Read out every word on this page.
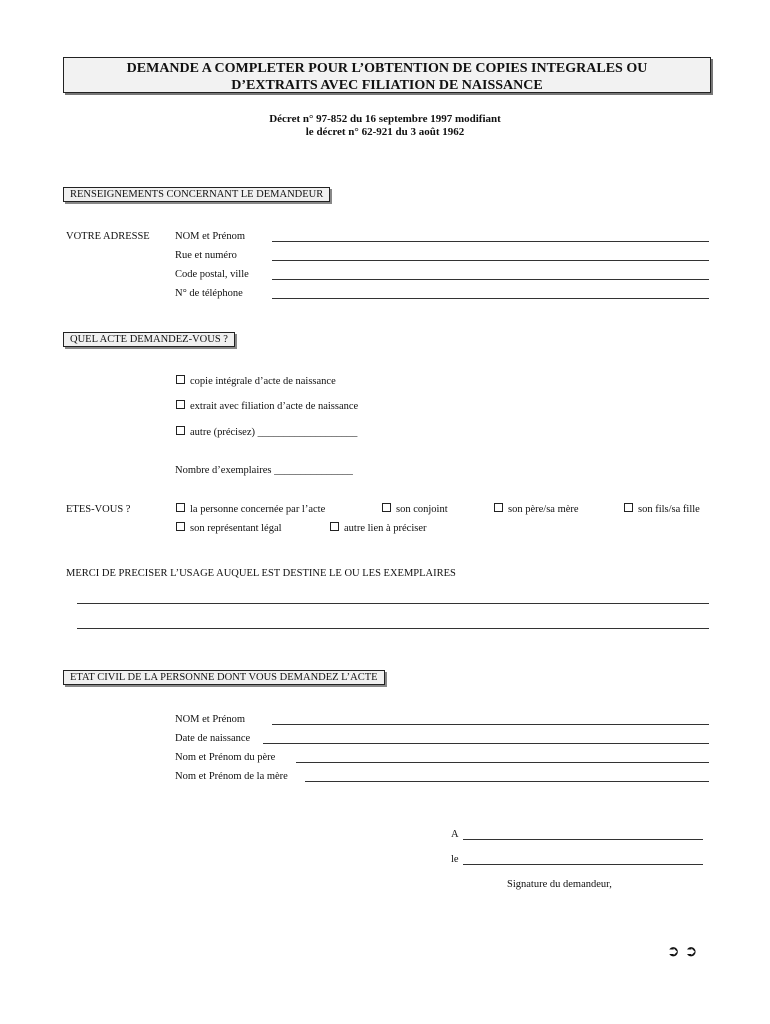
DEMANDE A COMPLETER POUR L’OBTENTION DE COPIES INTEGRALES OU
D’EXTRAITS AVEC FILIATION DE NAISSANCE
Décret n° 97-852 du 16 septembre 1997 modifiant
le décret n° 62-921 du 3 août 1962
RENSEIGNEMENTS CONCERNANT LE DEMANDEUR
VOTRE ADRESSE NOM et Prénom
Rue et numéro
Code postal, ville
N° de téléphone
QUEL ACTE DEMANDEZ-VOUS ?
copie intégrale d’acte de naissance
extrait avec filiation d’acte de naissance
autre (précisez) ___________________
Nombre d’exemplaires _______________
ETES-VOUS ?	la personne concernée par l’acte	son conjoint	son père/sa mère	son fils/sa fille
son représentant légal	autre lien à préciser
MERCI DE PRECISER L’USAGE AUQUEL EST DESTINE LE OU LES EXEMPLAIRES
ETAT CIVIL DE LA PERSONNE DONT VOUS DEMANDEZ L’ACTE
NOM et Prénom
Date de naissance
Nom et Prénom du père
Nom et Prénom de la mère
A
le
Signature du demandeur,
➲ ➲
